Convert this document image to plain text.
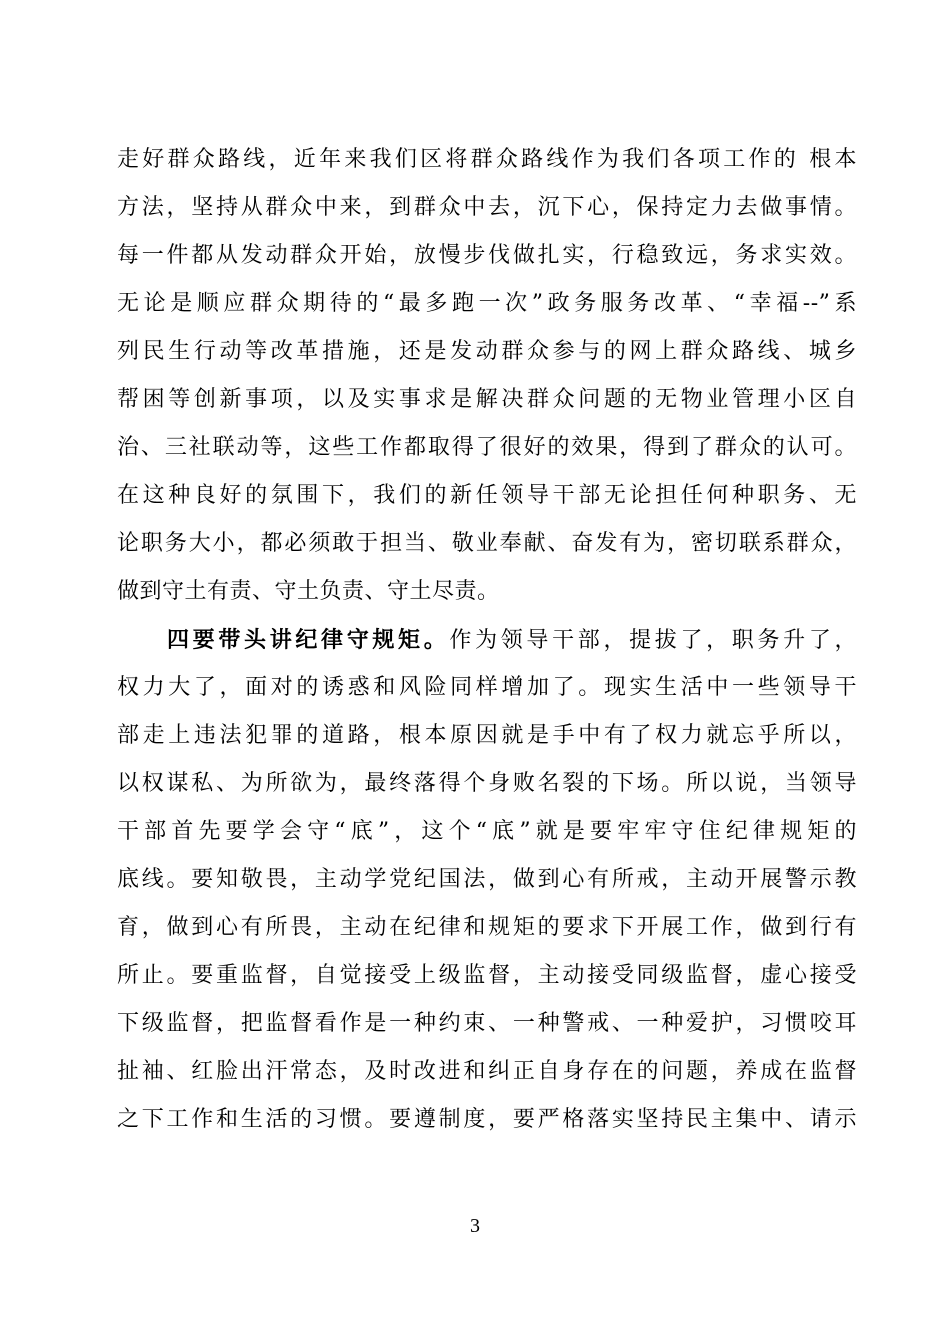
走好群众路线，近年来我们区将群众路线作为我们各项工作的 根本
方法，坚持从群众中来，到群众中去，沉下心，保持定力去做事情。
每一件都从发动群众开始，放慢步伐做扎实，行稳致远，务求实效。
无论是顺应群众期待的“最多跑一次”政务服务改革、“幸福--”系
列民生行动等改革措施，还是发动群众参与的网上群众路线、城乡
帮困等创新事项，以及实事求是解决群众问题的无物业管理小区自
治、三社联动等，这些工作都取得了很好的效果，得到了群众的认可。
在这种良好的氛围下，我们的新任领导干部无论担任何种职务、无
论职务大小，都必须敢于担当、敬业奉献、奋发有为，密切联系群众，
做到守土有责、守土负责、守土尽责。
四要带头讲纪律守规矩。作为领导干部，提拔了，职务升了，
权力大了，面对的诱惑和风险同样增加了。现实生活中一些领导干
部走上违法犯罪的道路，根本原因就是手中有了权力就忘乎所以，
以权谋私、为所欲为，最终落得个身败名裂的下场。所以说，当领导
干部首先要学会守“底”，这个“底”就是要牢牢守住纪律规矩的
底线。要知敬畏，主动学党纪国法，做到心有所戒，主动开展警示教
育，做到心有所畏，主动在纪律和规矩的要求下开展工作，做到行有
所止。要重监督，自觉接受上级监督，主动接受同级监督，虚心接受
下级监督，把监督看作是一种约束、一种警戒、一种爱护，习惯咬耳
扯袖、红脸出汗常态，及时改进和纠正自身存在的问题，养成在监督
之下工作和生活的习惯。要遵制度，要严格落实坚持民主集中、请示
3
